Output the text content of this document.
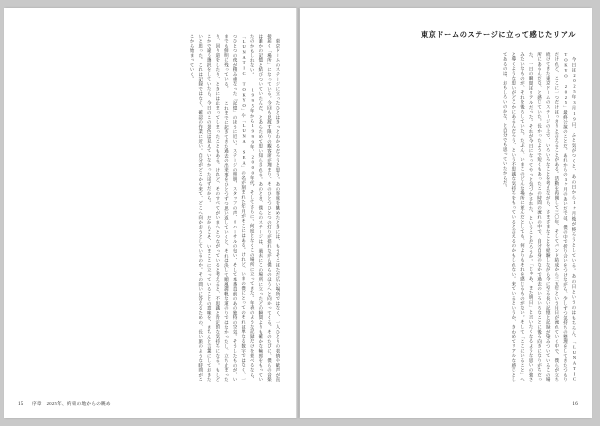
　東京ドームのステージに立ったひとはきっとわかるだろうと思う。あの客席を眺めたときには、もうそこはただ広い場所ではなく、一人ひとりの表情や歓声が直接届く「場所」になっている。今回も見渡す限りの観客席が埋まり、そのひとつひとつの灯りが揺れながら僕らのほうへと向かってくる。そのたびに、僕らの音楽は誰かの記憶と結びついていたんだ、とあらためて思い知らされる。あのとき、僕らのステージは、過去にこの場所に立ったどの瞬間よりも確かな輪郭をもっていたのかもしれない。 　1995年から1999年、2000年代、そしてさらに。何度となくこの場所に立ってきた。年表のような記録だけを並べるなら、「LUNATIC TOKYO」や「LUNA SEA」の名が刻まれた年月がそこにはある。けれど、いまの僕にとってのそれは単なる数字ではなく、一つひとつの夜が積み重なった「記憶」のほうに近い。ステージの照明、スタッフの声、リハーサルの匂い、そして本番直前のあの独特の空気。そうしたものが、いまでも鮮明に残っている。 　これまでに起きてきた過去の出来事をひとつずつ思い返していくと、それは決して順風満帆な道のりではなかったし、立ち止まったり、回り道をしたり、ときには止まってしまったこともある。けれど、そのすべてがいまへとつながっていると考えると、不思議と肯定的な気持ちになる。もしどこかで違う選択をしていたら、今日のこの景色は見えていなかったはずだから。 　だからこそ、いまここに立っていることの意味を、きちんと言葉にしておきたいと思った。これは記録ではなく、確認の作業に近い。自分がどこから来て、どこへ向かおうとしているのか。その問いに答えるための、長い旅のような時間がここから始まっていく。
15 序章　2025年、約束の地からの眺め
東京ドームのステージに立って感じたリアル
　今日は2025年3月19日、ふと気がつくと、あの日から1ヶ月後が終ろうとしている。あの日というのはもちろん、「LUNATIC TOKYO 2025」最終公演のことだ。あれからの3ヶ月のあいだでは、僕の中で折り合いをつけながら、少しずつ気持ちの整理をしてきたつもりだけれど、ここに一つだけはっきりと言えることがある。活動を再開して三〇年、そしてバンド結成から三五年という月日が流れていく中で、僕らが立ち続けてきた東京ドームのステージの上で、いろいろなことを考えながら、さまざまなことを経験しながら今に至る長い記憶と記録が染みついているこの場所にあるんだな、と感じていた。長かったようで短くもあったこの時間の流れの中で、自分自身のなかで過去のいろいろなことに後ろ向きになりがちだった、一日の瞬間はリアルだった。それが今日になってやっと気づかされた、ということだろうか。「じゃあ、また明日」と言いたくなるような思いの強さみたいなものが、それを後ろしていた。たぶん、いまこのどんな場所に並んだとしても、何よりもそれを感じるものがない。そして「ここにいること」へと導くような思いがどこかにあるんだろう、という不思議な気持ちをもっていると言えるのかもしれない。来ているというか、きわめてリアルな感じとしてあるのは、おもしろいのかな、と自分でも思っていたからだ。
16
